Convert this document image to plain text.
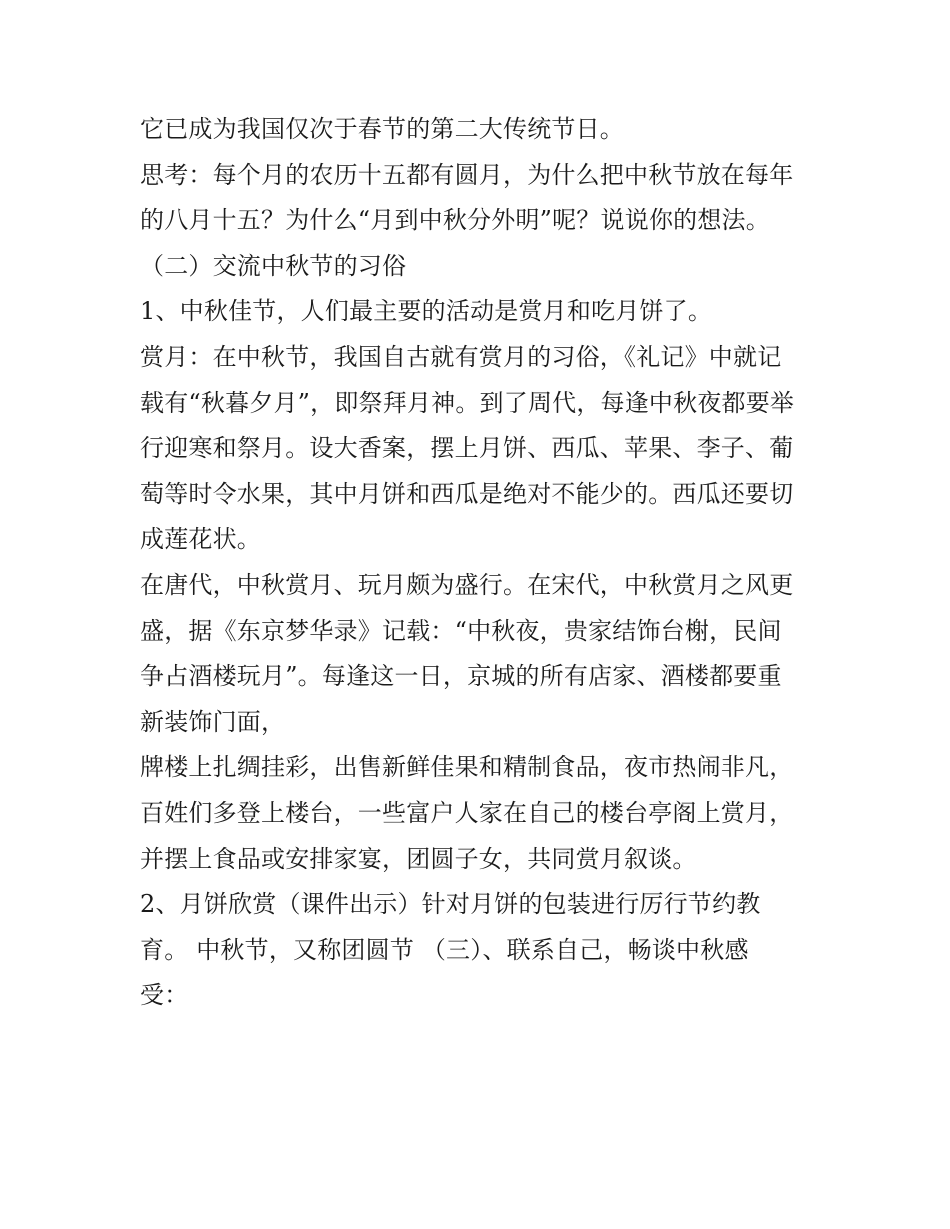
它已成为我国仅次于春节的第二大传统节日。
思考：每个月的农历十五都有圆月，为什么把中秋节放在每年
的八月十五？为什么“月到中秋分外明”呢？说说你的想法。
（二）交流中秋节的习俗
1、中秋佳节，人们最主要的活动是赏月和吃月饼了。
赏月：在中秋节，我国自古就有赏月的习俗，《礼记》中就记
载有“秋暮夕月”，即祭拜月神。到了周代，每逢中秋夜都要举
行迎寒和祭月。设大香案，摆上月饼、西瓜、苹果、李子、葡
萄等时令水果，其中月饼和西瓜是绝对不能少的。西瓜还要切
成莲花状。
在唐代，中秋赏月、玩月颇为盛行。在宋代，中秋赏月之风更
盛，据《东京梦华录》记载：“中秋夜，贵家结饰台榭，民间
争占酒楼玩月”。每逢这一日，京城的所有店家、酒楼都要重
新装饰门面，
牌楼上扎绸挂彩，出售新鲜佳果和精制食品，夜市热闹非凡，
百姓们多登上楼台，一些富户人家在自己的楼台亭阁上赏月，
并摆上食品或安排家宴，团圆子女，共同赏月叙谈。
2、月饼欣赏（课件出示）针对月饼的包装进行厉行节约教
育。 中秋节，又称团圆节 （三）、联系自己，畅谈中秋感
受：
